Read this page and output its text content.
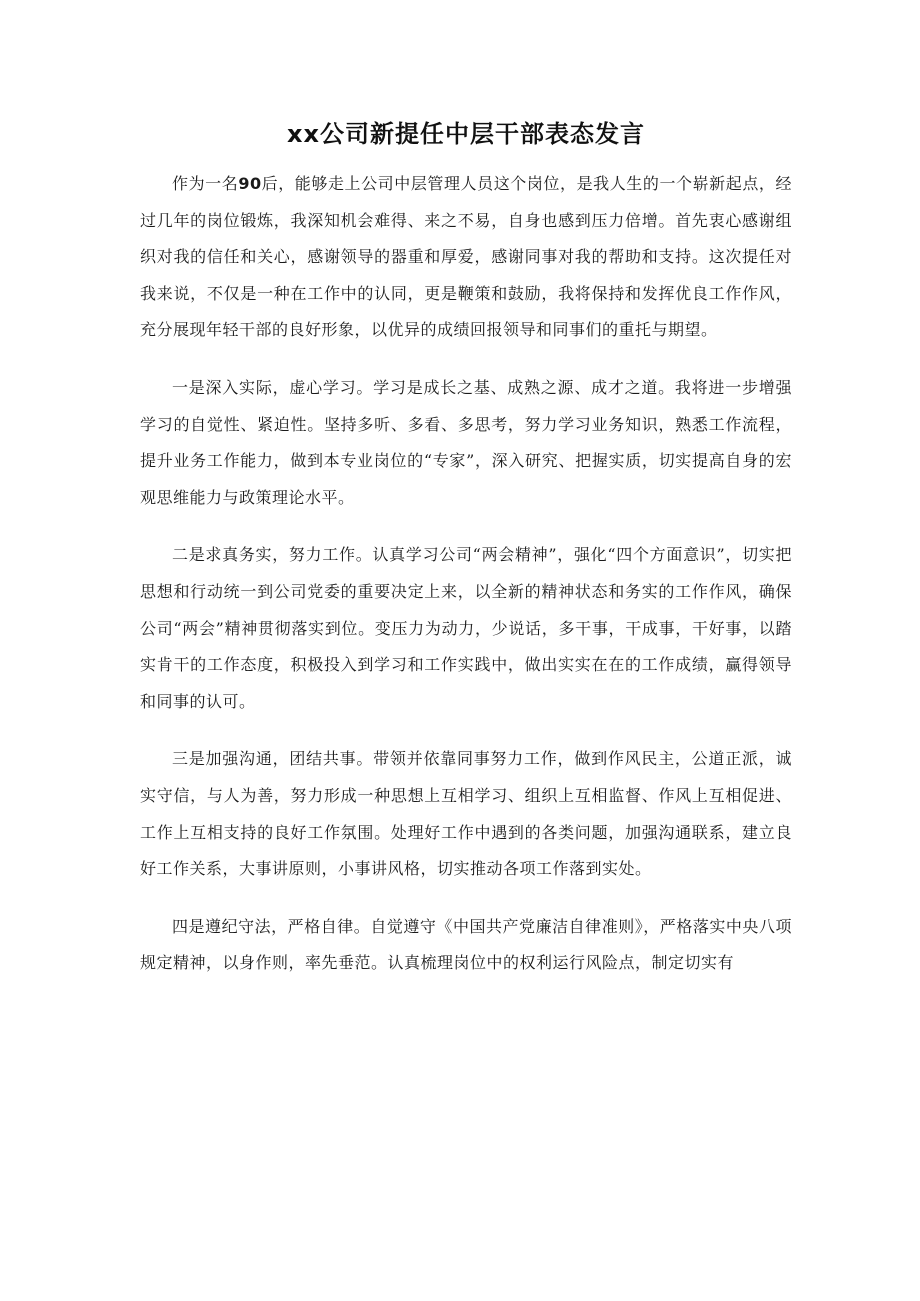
xx公司新提任中层干部表态发言

作为一名90后，能够走上公司中层管理人员这个岗位，是我人生的一个崭新起点，经过几年的岗位锻炼，我深知机会难得、来之不易，自身也感到压力倍增。首先衷心感谢组织对我的信任和关心，感谢领导的器重和厚爱，感谢同事对我的帮助和支持。这次提任对我来说，不仅是一种在工作中的认同，更是鞭策和鼓励，我将保持和发挥优良工作作风，充分展现年轻干部的良好形象，以优异的成绩回报领导和同事们的重托与期望。

一是深入实际，虚心学习。学习是成长之基、成熟之源、成才之道。我将进一步增强学习的自觉性、紧迫性。坚持多听、多看、多思考，努力学习业务知识，熟悉工作流程，提升业务工作能力，做到本专业岗位的“专家”，深入研究、把握实质，切实提高自身的宏观思维能力与政策理论水平。

二是求真务实，努力工作。认真学习公司“两会精神”，强化“四个方面意识”，切实把思想和行动统一到公司党委的重要决定上来，以全新的精神状态和务实的工作作风，确保公司“两会”精神贯彻落实到位。变压力为动力，少说话，多干事，干成事，干好事，以踏实肯干的工作态度，积极投入到学习和工作实践中，做出实实在在的工作成绩，赢得领导和同事的认可。

三是加强沟通，团结共事。带领并依靠同事努力工作，做到作风民主，公道正派，诚实守信，与人为善，努力形成一种思想上互相学习、组织上互相监督、作风上互相促进、工作上互相支持的良好工作氛围。处理好工作中遇到的各类问题，加强沟通联系，建立良好工作关系，大事讲原则，小事讲风格，切实推动各项工作落到实处。

四是遵纪守法，严格自律。自觉遵守《中国共产党廉洁自律准则》，严格落实中央八项规定精神，以身作则，率先垂范。认真梳理岗位中的权利运行风险点，制定切实有
